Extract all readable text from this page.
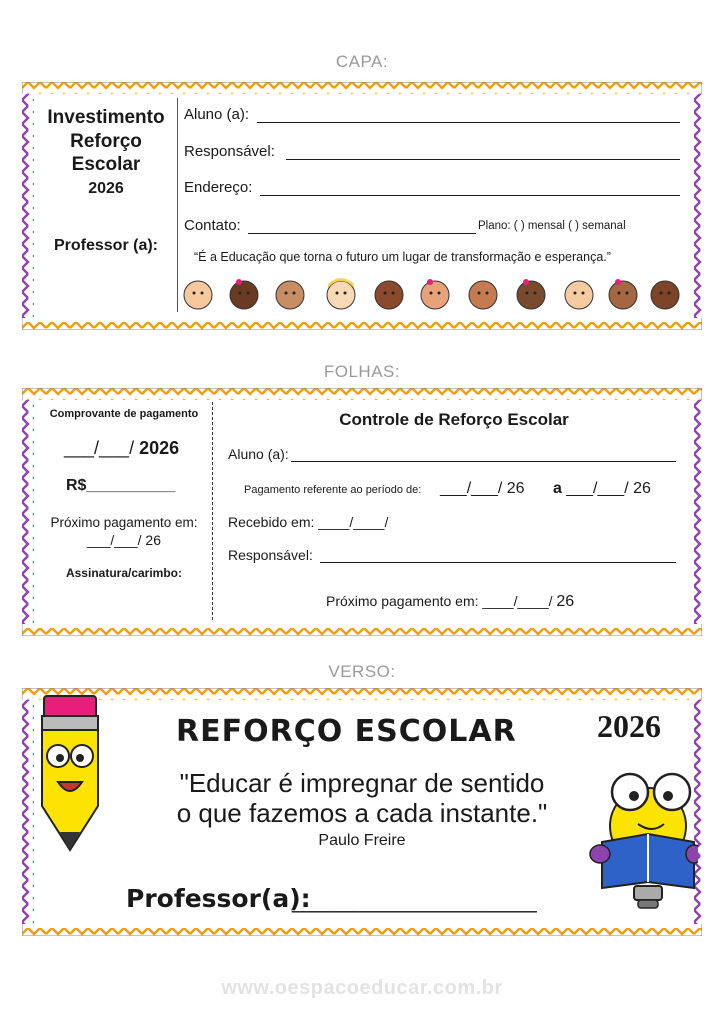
CAPA:
Investimento
Reforço
Escolar
2026
Professor (a):
Aluno (a):
Responsável:
Endereço:
Contato:	Plano: ( ) mensal ( ) semanal
“É a Educação que torna o futuro um lugar de transformação e esperança.”
FOLHAS:
Comprovante de pagamento
___/___/ 2026
R$__________
Próximo pagamento em:
___/___/ 26
Assinatura/carimbo:
Controle de Reforço Escolar
Aluno (a):
Pagamento referente ao período de: ___/___/ 26 a ___/___/ 26
Recebido em: ____/____/
Responsável:
Próximo pagamento em: ____/____/ 26
VERSO:
REFORÇO ESCOLAR	2026
"Educar é impregnar de sentido
o que fazemos a cada instante."
Paulo Freire
Professor(a):
____________________
www.oespacoeducar.com.br
